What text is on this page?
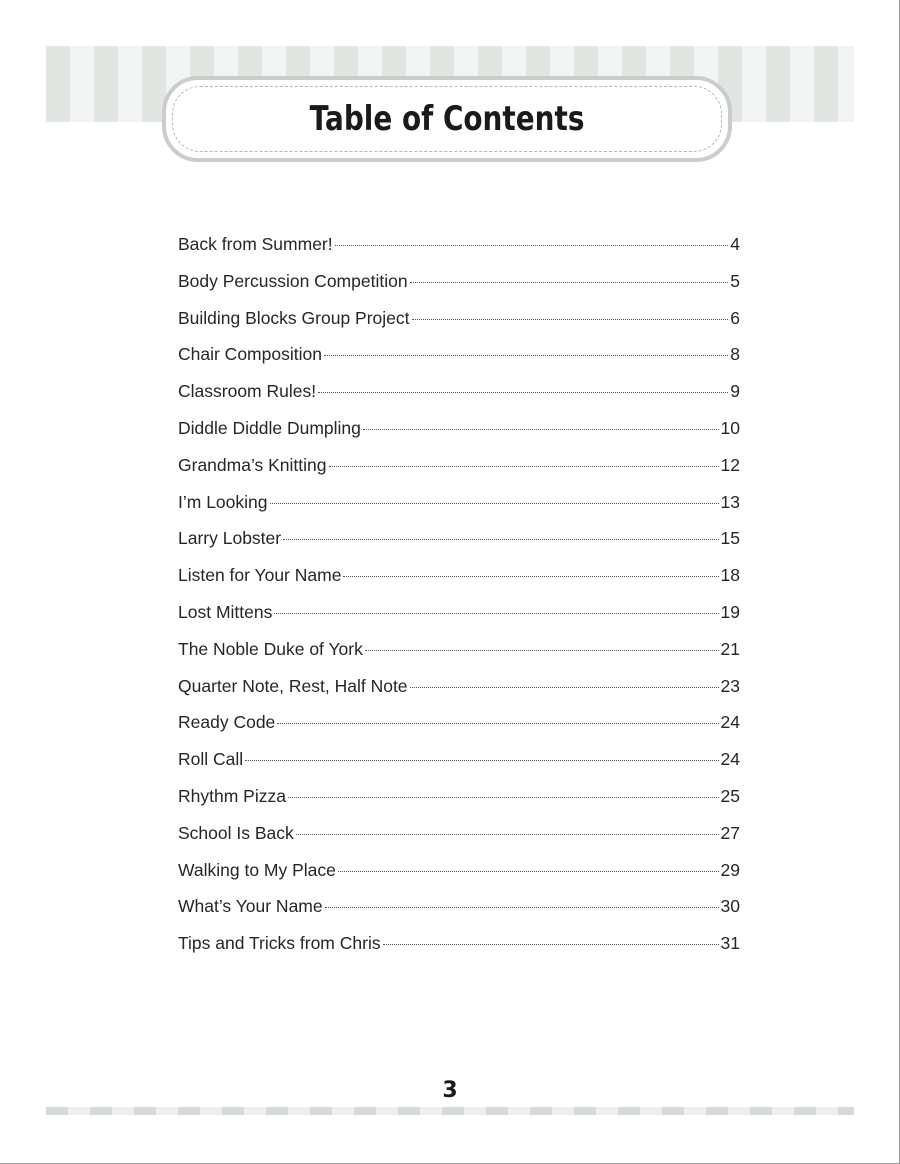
Table of Contents
Back from Summer!	4
Body Percussion Competition	5
Building Blocks Group Project	6
Chair Composition	8
Classroom Rules!	9
Diddle Diddle Dumpling	10
Grandma’s Knitting	12
I’m Looking	13
Larry Lobster	15
Listen for Your Name	18
Lost Mittens	19
The Noble Duke of York	21
Quarter Note, Rest, Half Note	23
Ready Code	24
Roll Call	24
Rhythm Pizza	25
School Is Back	27
Walking to My Place	29
What’s Your Name	30
Tips and Tricks from Chris	31
3
